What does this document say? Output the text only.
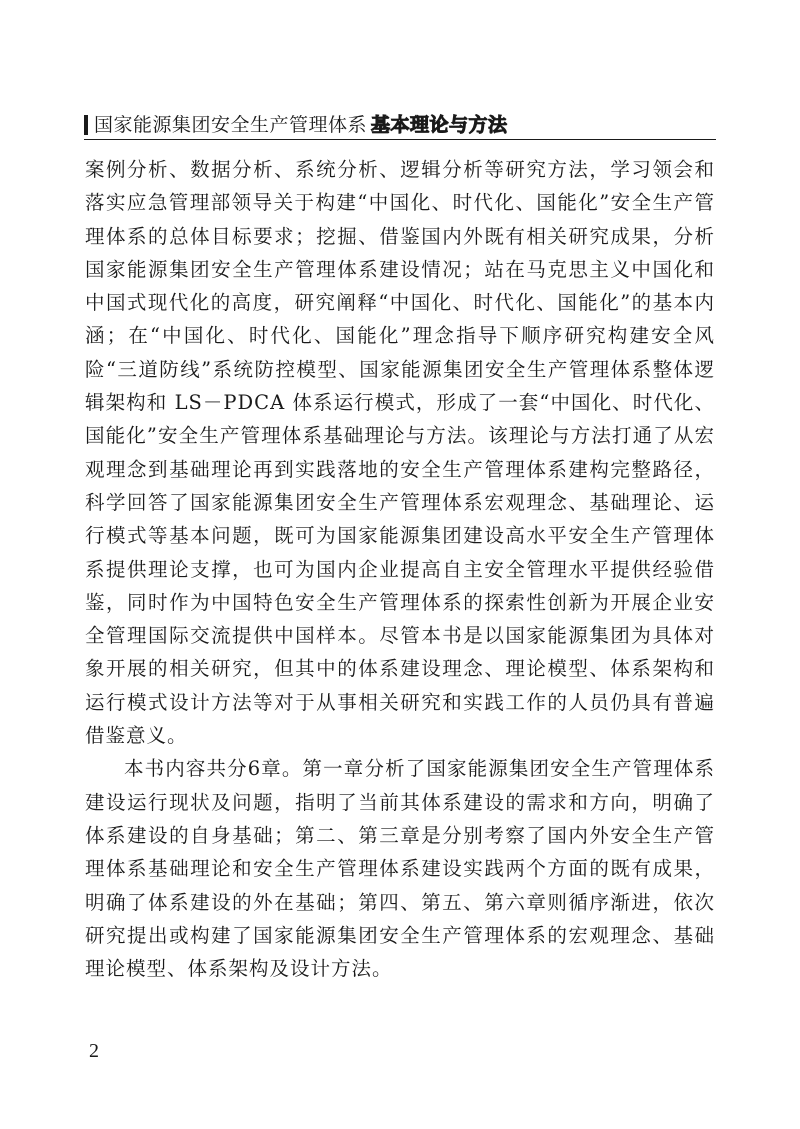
国家能源集团安全生产管理体系 基本理论与方法

案例分析、数据分析、系统分析、逻辑分析等研究方法，学习领会和落实应急管理部领导关于构建“中国化、时代化、国能化”安全生产管理体系的总体目标要求；挖掘、借鉴国内外既有相关研究成果，分析国家能源集团安全生产管理体系建设情况；站在马克思主义中国化和中国式现代化的高度，研究阐释“中国化、时代化、国能化”的基本内涵；在“中国化、时代化、国能化”理念指导下顺序研究构建安全风险“三道防线”系统防控模型、国家能源集团安全生产管理体系整体逻辑架构和 LS－PDCA 体系运行模式，形成了一套“中国化、时代化、国能化”安全生产管理体系基础理论与方法。该理论与方法打通了从宏观理念到基础理论再到实践落地的安全生产管理体系建构完整路径，科学回答了国家能源集团安全生产管理体系宏观理念、基础理论、运行模式等基本问题，既可为国家能源集团建设高水平安全生产管理体系提供理论支撑，也可为国内企业提高自主安全管理水平提供经验借鉴，同时作为中国特色安全生产管理体系的探索性创新为开展企业安全管理国际交流提供中国样本。尽管本书是以国家能源集团为具体对象开展的相关研究，但其中的体系建设理念、理论模型、体系架构和运行模式设计方法等对于从事相关研究和实践工作的人员仍具有普遍借鉴意义。

本书内容共分6章。第一章分析了国家能源集团安全生产管理体系建设运行现状及问题，指明了当前其体系建设的需求和方向，明确了体系建设的自身基础；第二、第三章是分别考察了国内外安全生产管理体系基础理论和安全生产管理体系建设实践两个方面的既有成果，明确了体系建设的外在基础；第四、第五、第六章则循序渐进，依次研究提出或构建了国家能源集团安全生产管理体系的宏观理念、基础理论模型、体系架构及设计方法。

2
